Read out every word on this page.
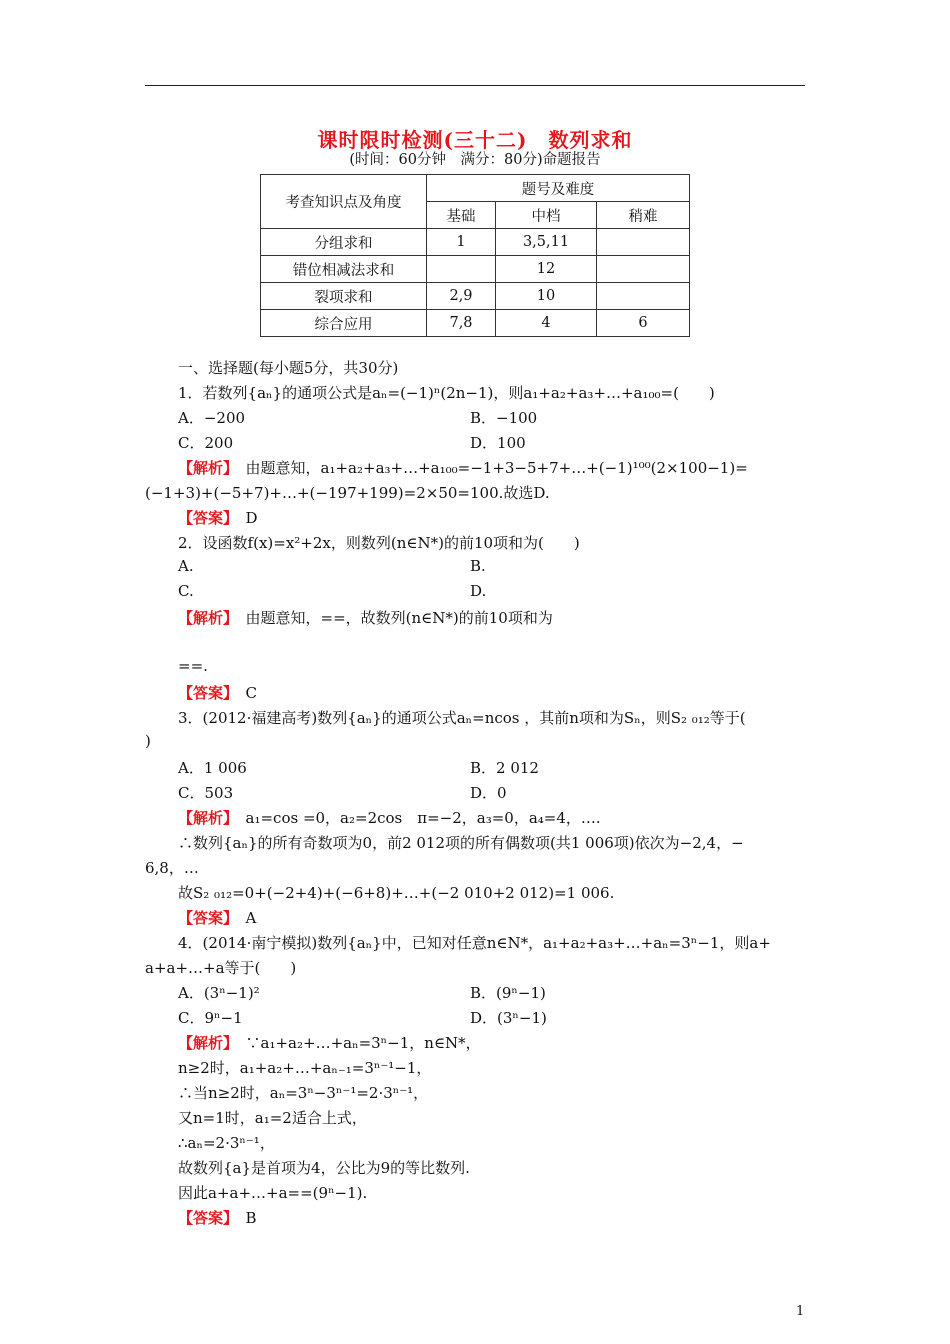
课时限时检测(三十二)　数列求和
(时间：60分钟　满分：80分)命题报告
考查知识点及角度	题号及难度		
	基础	中档	稍难
分组求和	1	3,5,11	
错位相减法求和		12	
裂项求和	2,9	10	
综合应用	7,8	4	6
一、选择题(每小题5分，共30分)
1．若数列{aₙ}的通项公式是aₙ=(−1)ⁿ(2n−1)，则a₁+a₂+a₃+…+a₁₀₀=(　　)
A．−200	B．−100
C．200	D．100
【解析】　由题意知，a₁+a₂+a₃+…+a₁₀₀=−1+3−5+7+…+(−1)¹⁰⁰(2×100−1)=
(−1+3)+(−5+7)+…+(−197+199)=2×50=100.故选D.
【答案】　D
2．设函数f(x)=x²+2x，则数列(n∈N*)的前10项和为(　　)
A.	B.
C.	D.
【解析】　由题意知，==，故数列(n∈N*)的前10项和为
==.
【答案】　C
3．(2012·福建高考)数列{aₙ}的通项公式aₙ=ncos ，其前n项和为Sₙ，则S₂ ₀₁₂等于(
)
A．1 006	B．2 012
C．503	D．0
【解析】　a₁=cos =0，a₂=2cos　π=−2，a₃=0，a₄=4，….
∴数列{aₙ}的所有奇数项为0，前2 012项的所有偶数项(共1 006项)依次为−2,4，−
6,8，…
故S₂ ₀₁₂=0+(−2+4)+(−6+8)+…+(−2 010+2 012)=1 006.
【答案】　A
4．(2014·南宁模拟)数列{aₙ}中，已知对任意n∈N*，a₁+a₂+a₃+…+aₙ=3ⁿ−1，则a+
a+a+…+a等于(　　)
A．(3ⁿ−1)²	B．(9ⁿ−1)
C．9ⁿ−1	D．(3ⁿ−1)
【解析】　∵a₁+a₂+…+aₙ=3ⁿ−1，n∈N*，
n≥2时，a₁+a₂+…+aₙ₋₁=3ⁿ⁻¹−1，
∴当n≥2时，aₙ=3ⁿ−3ⁿ⁻¹=2·3ⁿ⁻¹，
又n=1时，a₁=2适合上式，
∴aₙ=2·3ⁿ⁻¹，
故数列{a}是首项为4，公比为9的等比数列.
因此a+a+…+a==(9ⁿ−1).
【答案】　B
1
